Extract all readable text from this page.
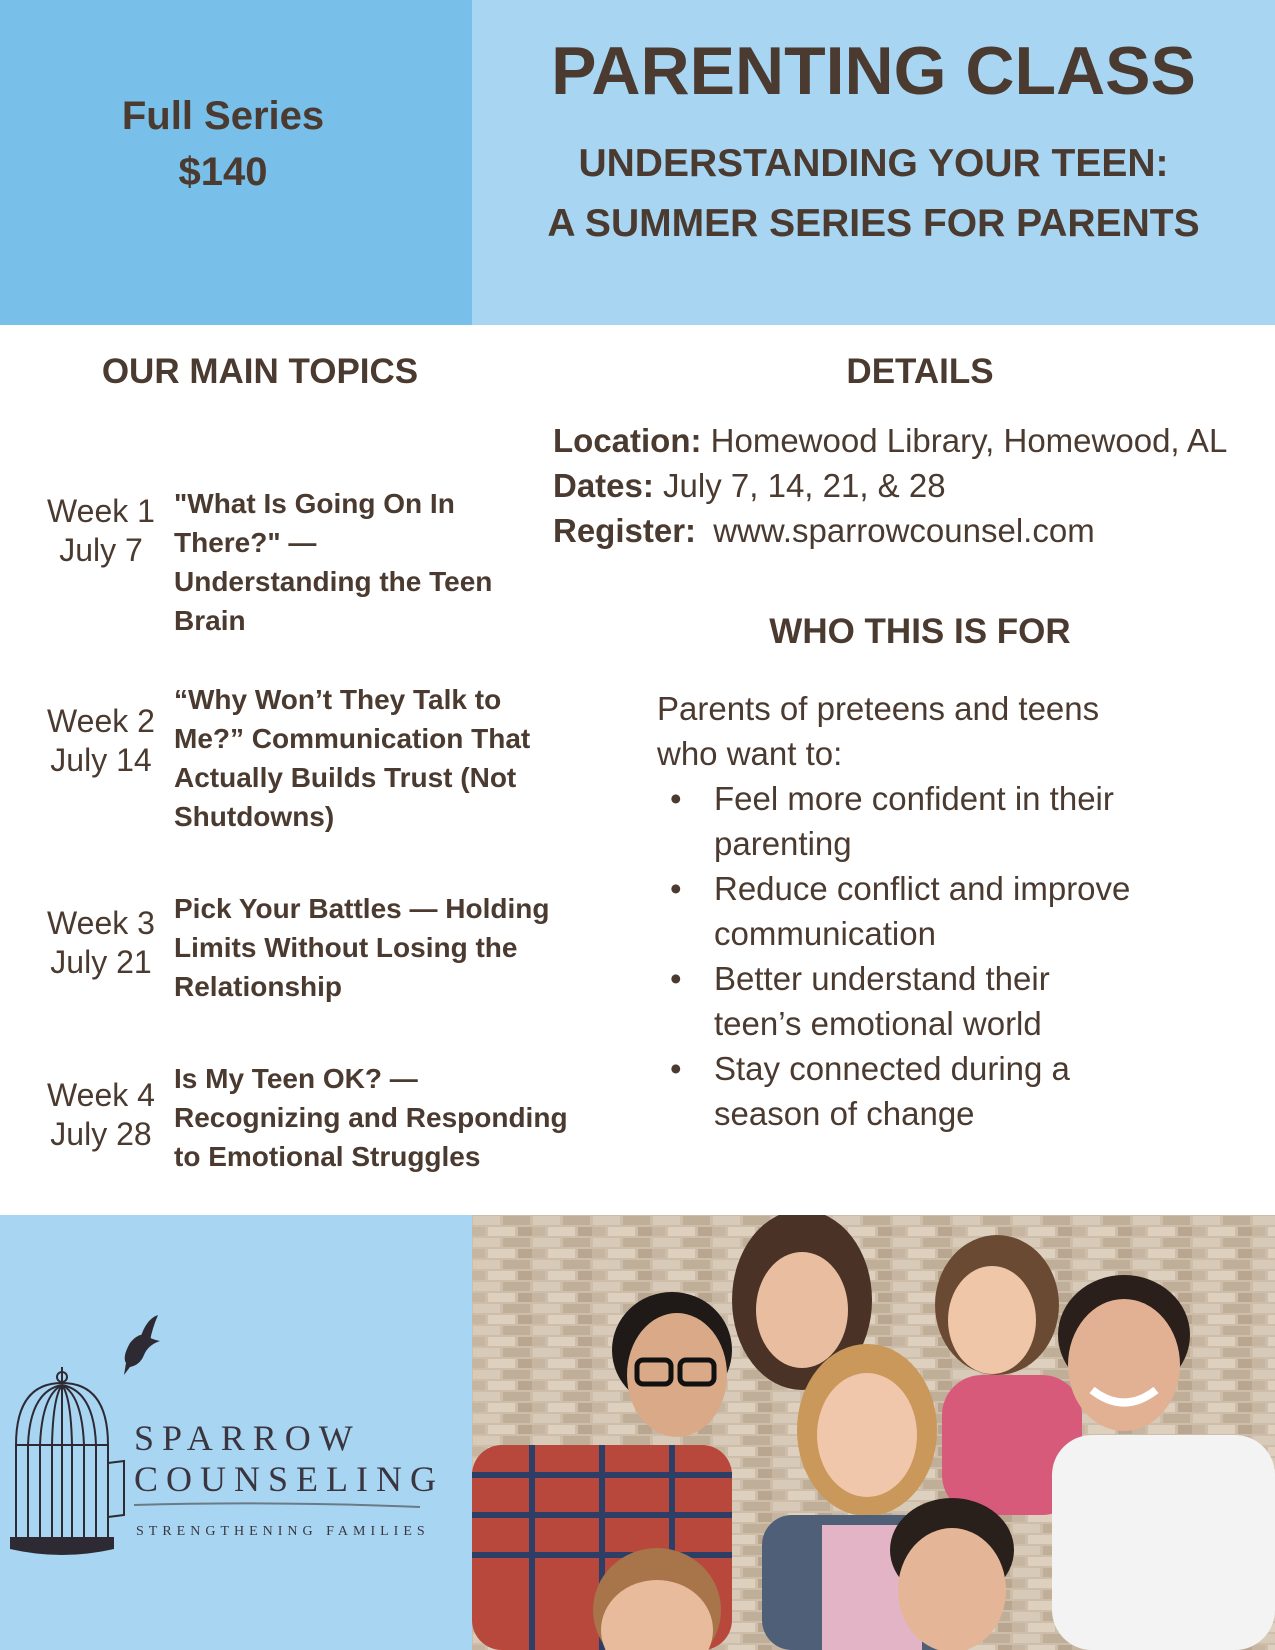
Full Series
$140
PARENTING CLASS
UNDERSTANDING YOUR TEEN:
A SUMMER SERIES FOR PARENTS
OUR MAIN TOPICS	DETAILS
WHO THIS IS FOR
Week 1
July 7
"What Is Going On In
There?" —
Understanding the Teen
Brain
Week 2
July 14
“Why Won’t They Talk to
Me?” Communication That
Actually Builds Trust (Not
Shutdowns)
Week 3
July 21
Pick Your Battles — Holding
Limits Without Losing the
Relationship
Week 4
July 28
Is My Teen OK? —
Recognizing and Responding
to Emotional Struggles
Location: Homewood Library, Homewood, AL
Dates: July 7, 14, 21, & 28
Register: www.sparrowcounsel.com
Parents of preteens and teens
who want to:
• Feel more confident in their
parenting
• Reduce conflict and improve
communication
• Better understand their
teen’s emotional world
• Stay connected during a
season of change
SPARROW
COUNSELING
STRENGTHENING FAMILIES
